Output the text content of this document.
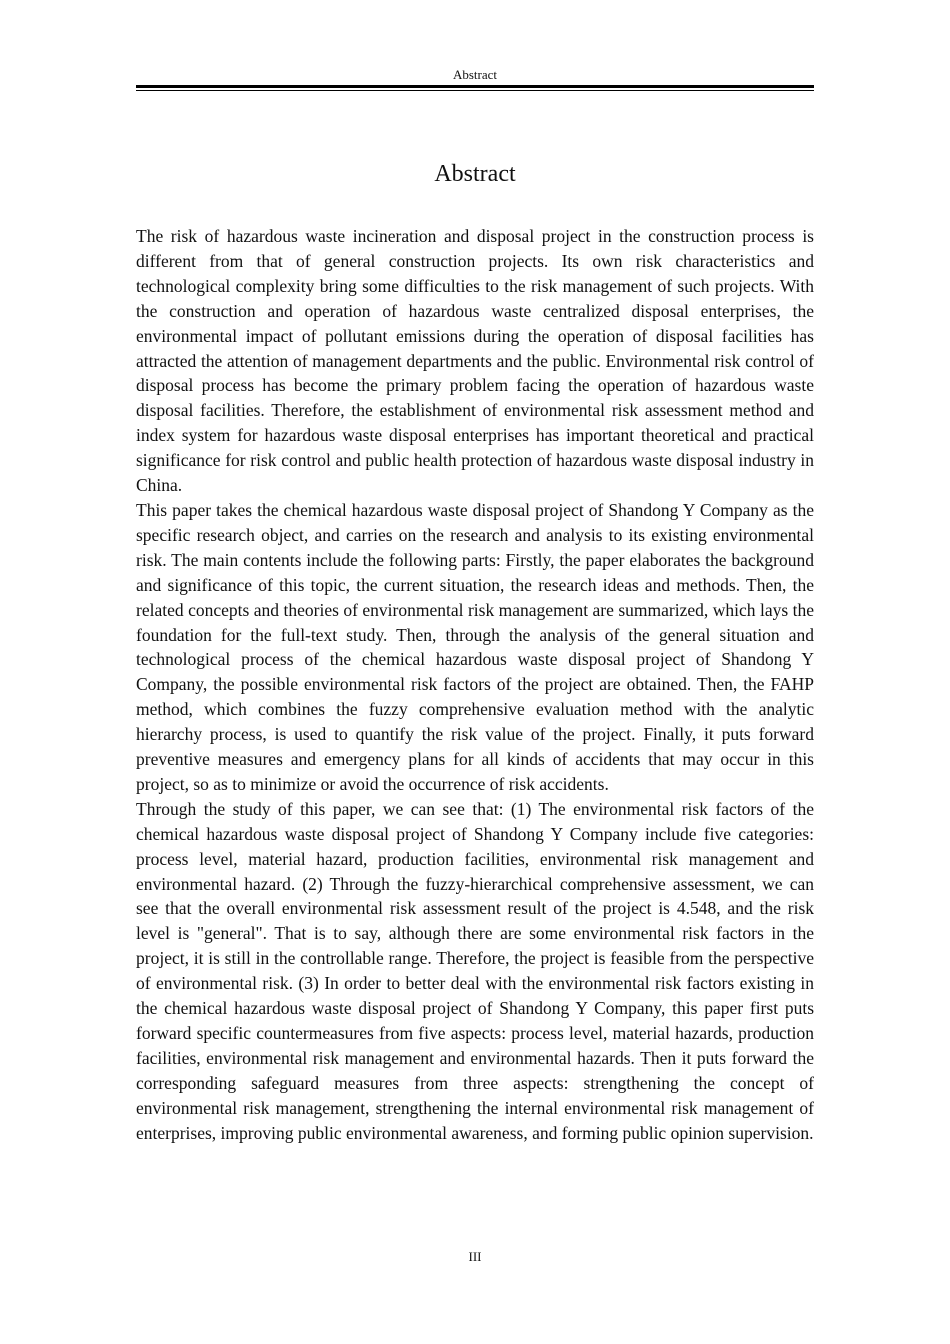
Abstract
Abstract

The risk of hazardous waste incineration and disposal project in the construction process is different from that of general construction projects. Its own risk characteristics and technological complexity bring some difficulties to the risk management of such projects. With the construction and operation of hazardous waste centralized disposal enterprises, the environmental impact of pollutant emissions during the operation of disposal facilities has attracted the attention of management departments and the public. Environmental risk control of disposal process has become the primary problem facing the operation of hazardous waste disposal facilities. Therefore, the establishment of environmental risk assessment method and index system for hazardous waste disposal enterprises has important theoretical and practical significance for risk control and public health protection of hazardous waste disposal industry in China.

This paper takes the chemical hazardous waste disposal project of Shandong Y Company as the specific research object, and carries on the research and analysis to its existing environmental risk. The main contents include the following parts: Firstly, the paper elaborates the background and significance of this topic, the current situation, the research ideas and methods. Then, the related concepts and theories of environmental risk management are summarized, which lays the foundation for the full-text study. Then, through the analysis of the general situation and technological process of the chemical hazardous waste disposal project of Shandong Y Company, the possible environmental risk factors of the project are obtained. Then, the FAHP method, which combines the fuzzy comprehensive evaluation method with the analytic hierarchy process, is used to quantify the risk value of the project. Finally, it puts forward preventive measures and emergency plans for all kinds of accidents that may occur in this project, so as to minimize or avoid the occurrence of risk accidents.

Through the study of this paper, we can see that: (1) The environmental risk factors of the chemical hazardous waste disposal project of Shandong Y Company include five categories: process level, material hazard, production facilities, environmental risk management and environmental hazard. (2) Through the fuzzy-hierarchical comprehensive assessment, we can see that the overall environmental risk assessment result of the project is 4.548, and the risk level is "general". That is to say, although there are some environmental risk factors in the project, it is still in the controllable range. Therefore, the project is feasible from the perspective of environmental risk. (3) In order to better deal with the environmental risk factors existing in the chemical hazardous waste disposal project of Shandong Y Company, this paper first puts forward specific countermeasures from five aspects: process level, material hazards, production facilities, environmental risk management and environmental hazards. Then it puts forward the corresponding safeguard measures from three aspects: strengthening the concept of environmental risk management, strengthening the internal environmental risk management of enterprises, improving public environmental awareness, and forming public opinion supervision.

III
